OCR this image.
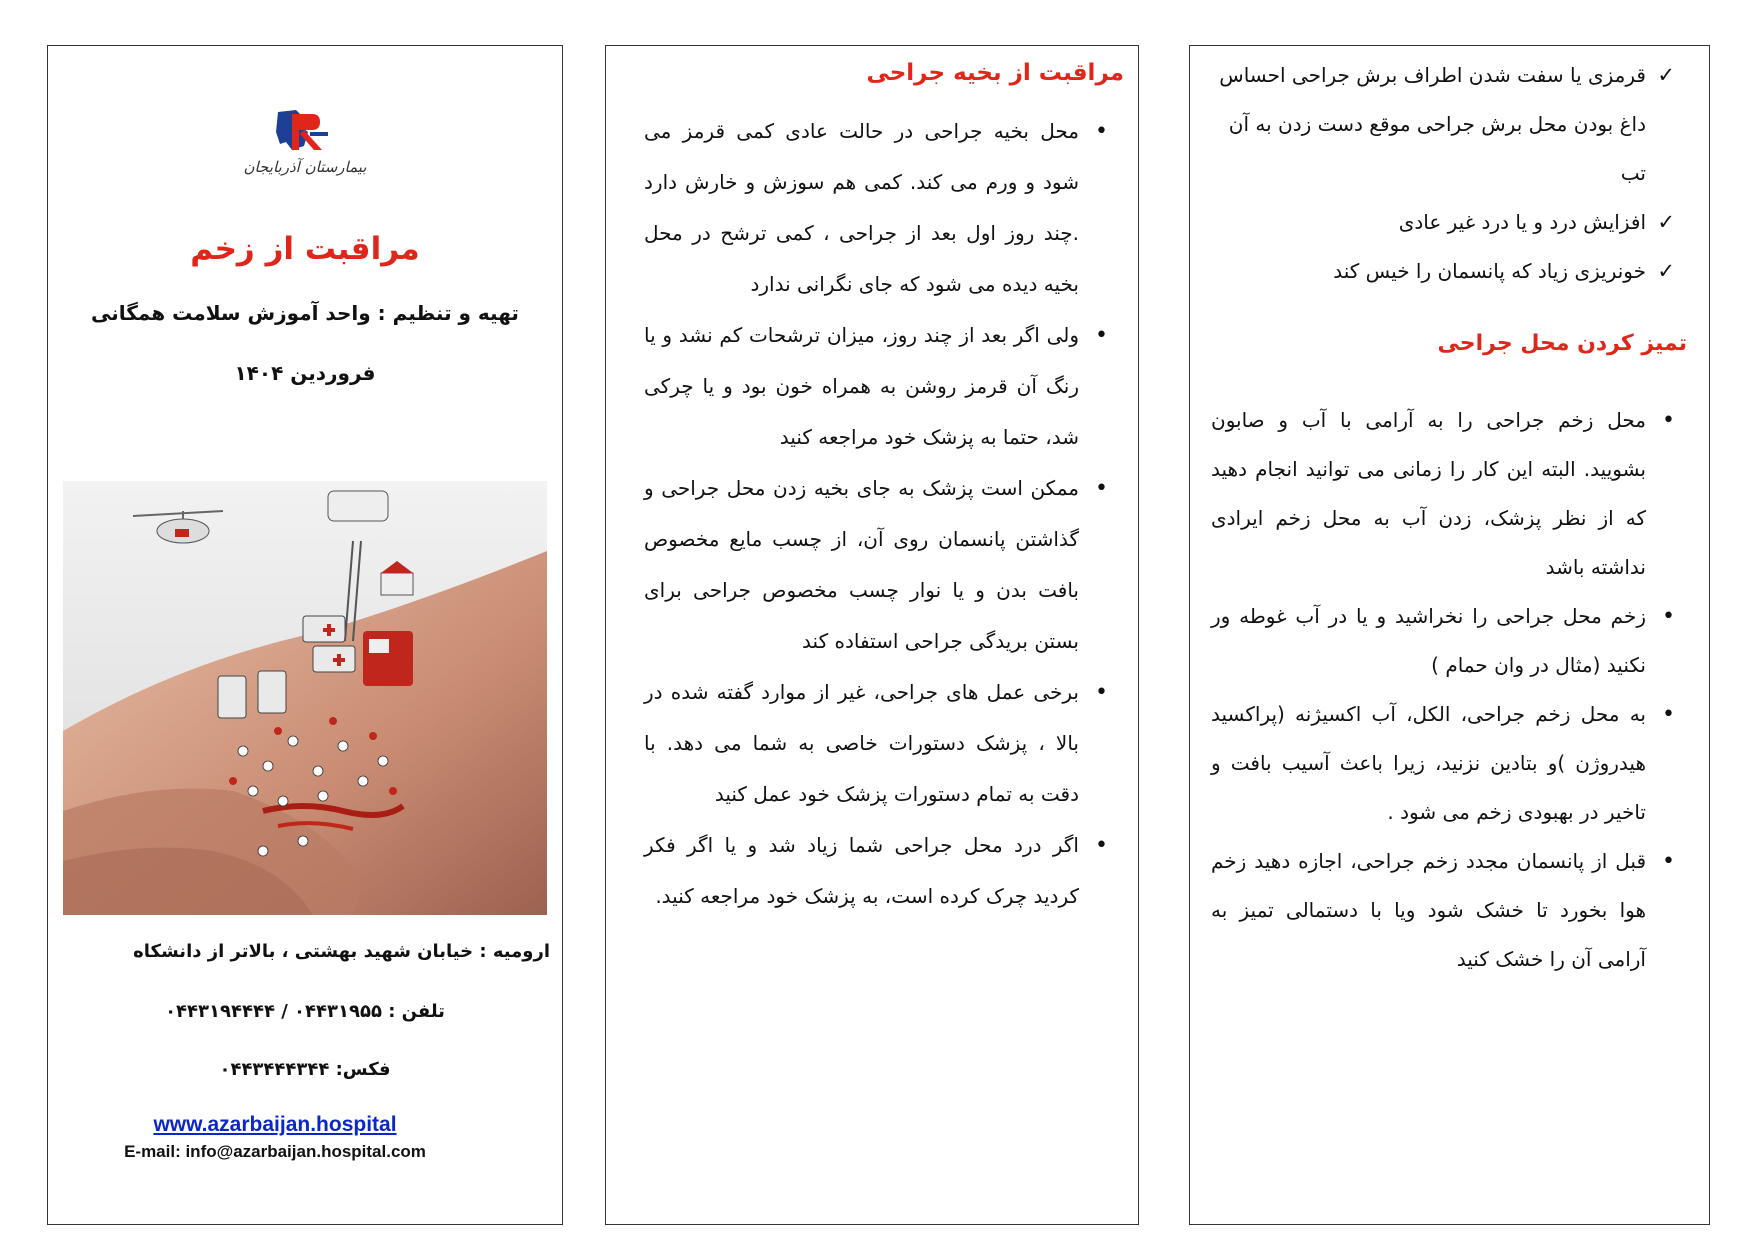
بیمارستان آذربایجان
مراقبت از زخم
تهیه و تنظیم : واحد آموزش سلامت همگانی
فروردین ۱۴۰۴
ارومیه : خیابان شهید بهشتی ، بالاتر از دانشکاه
تلفن : ۰۴۴۳۱۹۵۵ / ۰۴۴۳۱۹۴۴۴۴
فکس: ۰۴۴۳۴۴۴۳۴۴
www.azarbaijan.hospital
E-mail: info@azarbaijan.hospital.com
مراقبت از بخیه جراحی
• محل بخیه جراحی در حالت عادی کمی قرمز می شود و ورم می کند. کمی هم سوزش و خارش دارد .چند روز اول بعد از جراحی ، کمی ترشح در محل بخیه دیده می شود که جای نگرانی ندارد
• ولی اگر بعد از چند روز، میزان ترشحات کم نشد و یا رنگ آن قرمز روشن به همراه خون بود و یا چرکی شد، حتما به پزشک خود مراجعه کنید
• ممکن است پزشک به جای بخیه زدن محل جراحی و گذاشتن پانسمان روی آن، از چسب مایع مخصوص بافت بدن و یا نوار چسب مخصوص جراحی برای بستن بریدگی جراحی استفاده کند
• برخی عمل های جراحی، غیر از موارد گفته شده در بالا ، پزشک دستورات خاصی به شما می دهد. با دقت به تمام دستورات پزشک خود عمل کنید
• اگر درد محل جراحی شما زیاد شد و یا اگر فکر کردید چرک کرده است، به پزشک خود مراجعه کنید.
✓ قرمزی یا سفت شدن اطراف برش جراحی احساس داغ بودن محل برش جراحی موقع دست زدن به آن تب
✓ افزایش درد و یا درد غیر عادی
✓ خونریزی زیاد که پانسمان را خیس کند
تمیز کردن محل جراحی
• محل زخم جراحی را به آرامی با آب و صابون بشویید. البته این کار را زمانی می توانید انجام دهید که از نظر پزشک، زدن آب به محل زخم ایرادی نداشته باشد
• زخم محل جراحی را نخراشید و یا در آب غوطه ور نکنید (مثال در وان حمام )
• به محل زخم جراحی، الکل، آب اکسیژنه (پراکسید هیدروژن )و بتادین نزنید، زیرا باعث آسیب بافت و تاخیر در بهبودی زخم می شود .
• قبل از پانسمان مجدد زخم جراحی، اجازه دهید زخم هوا بخورد تا خشک شود ویا با دستمالی تمیز به آرامی آن را خشک کنید
